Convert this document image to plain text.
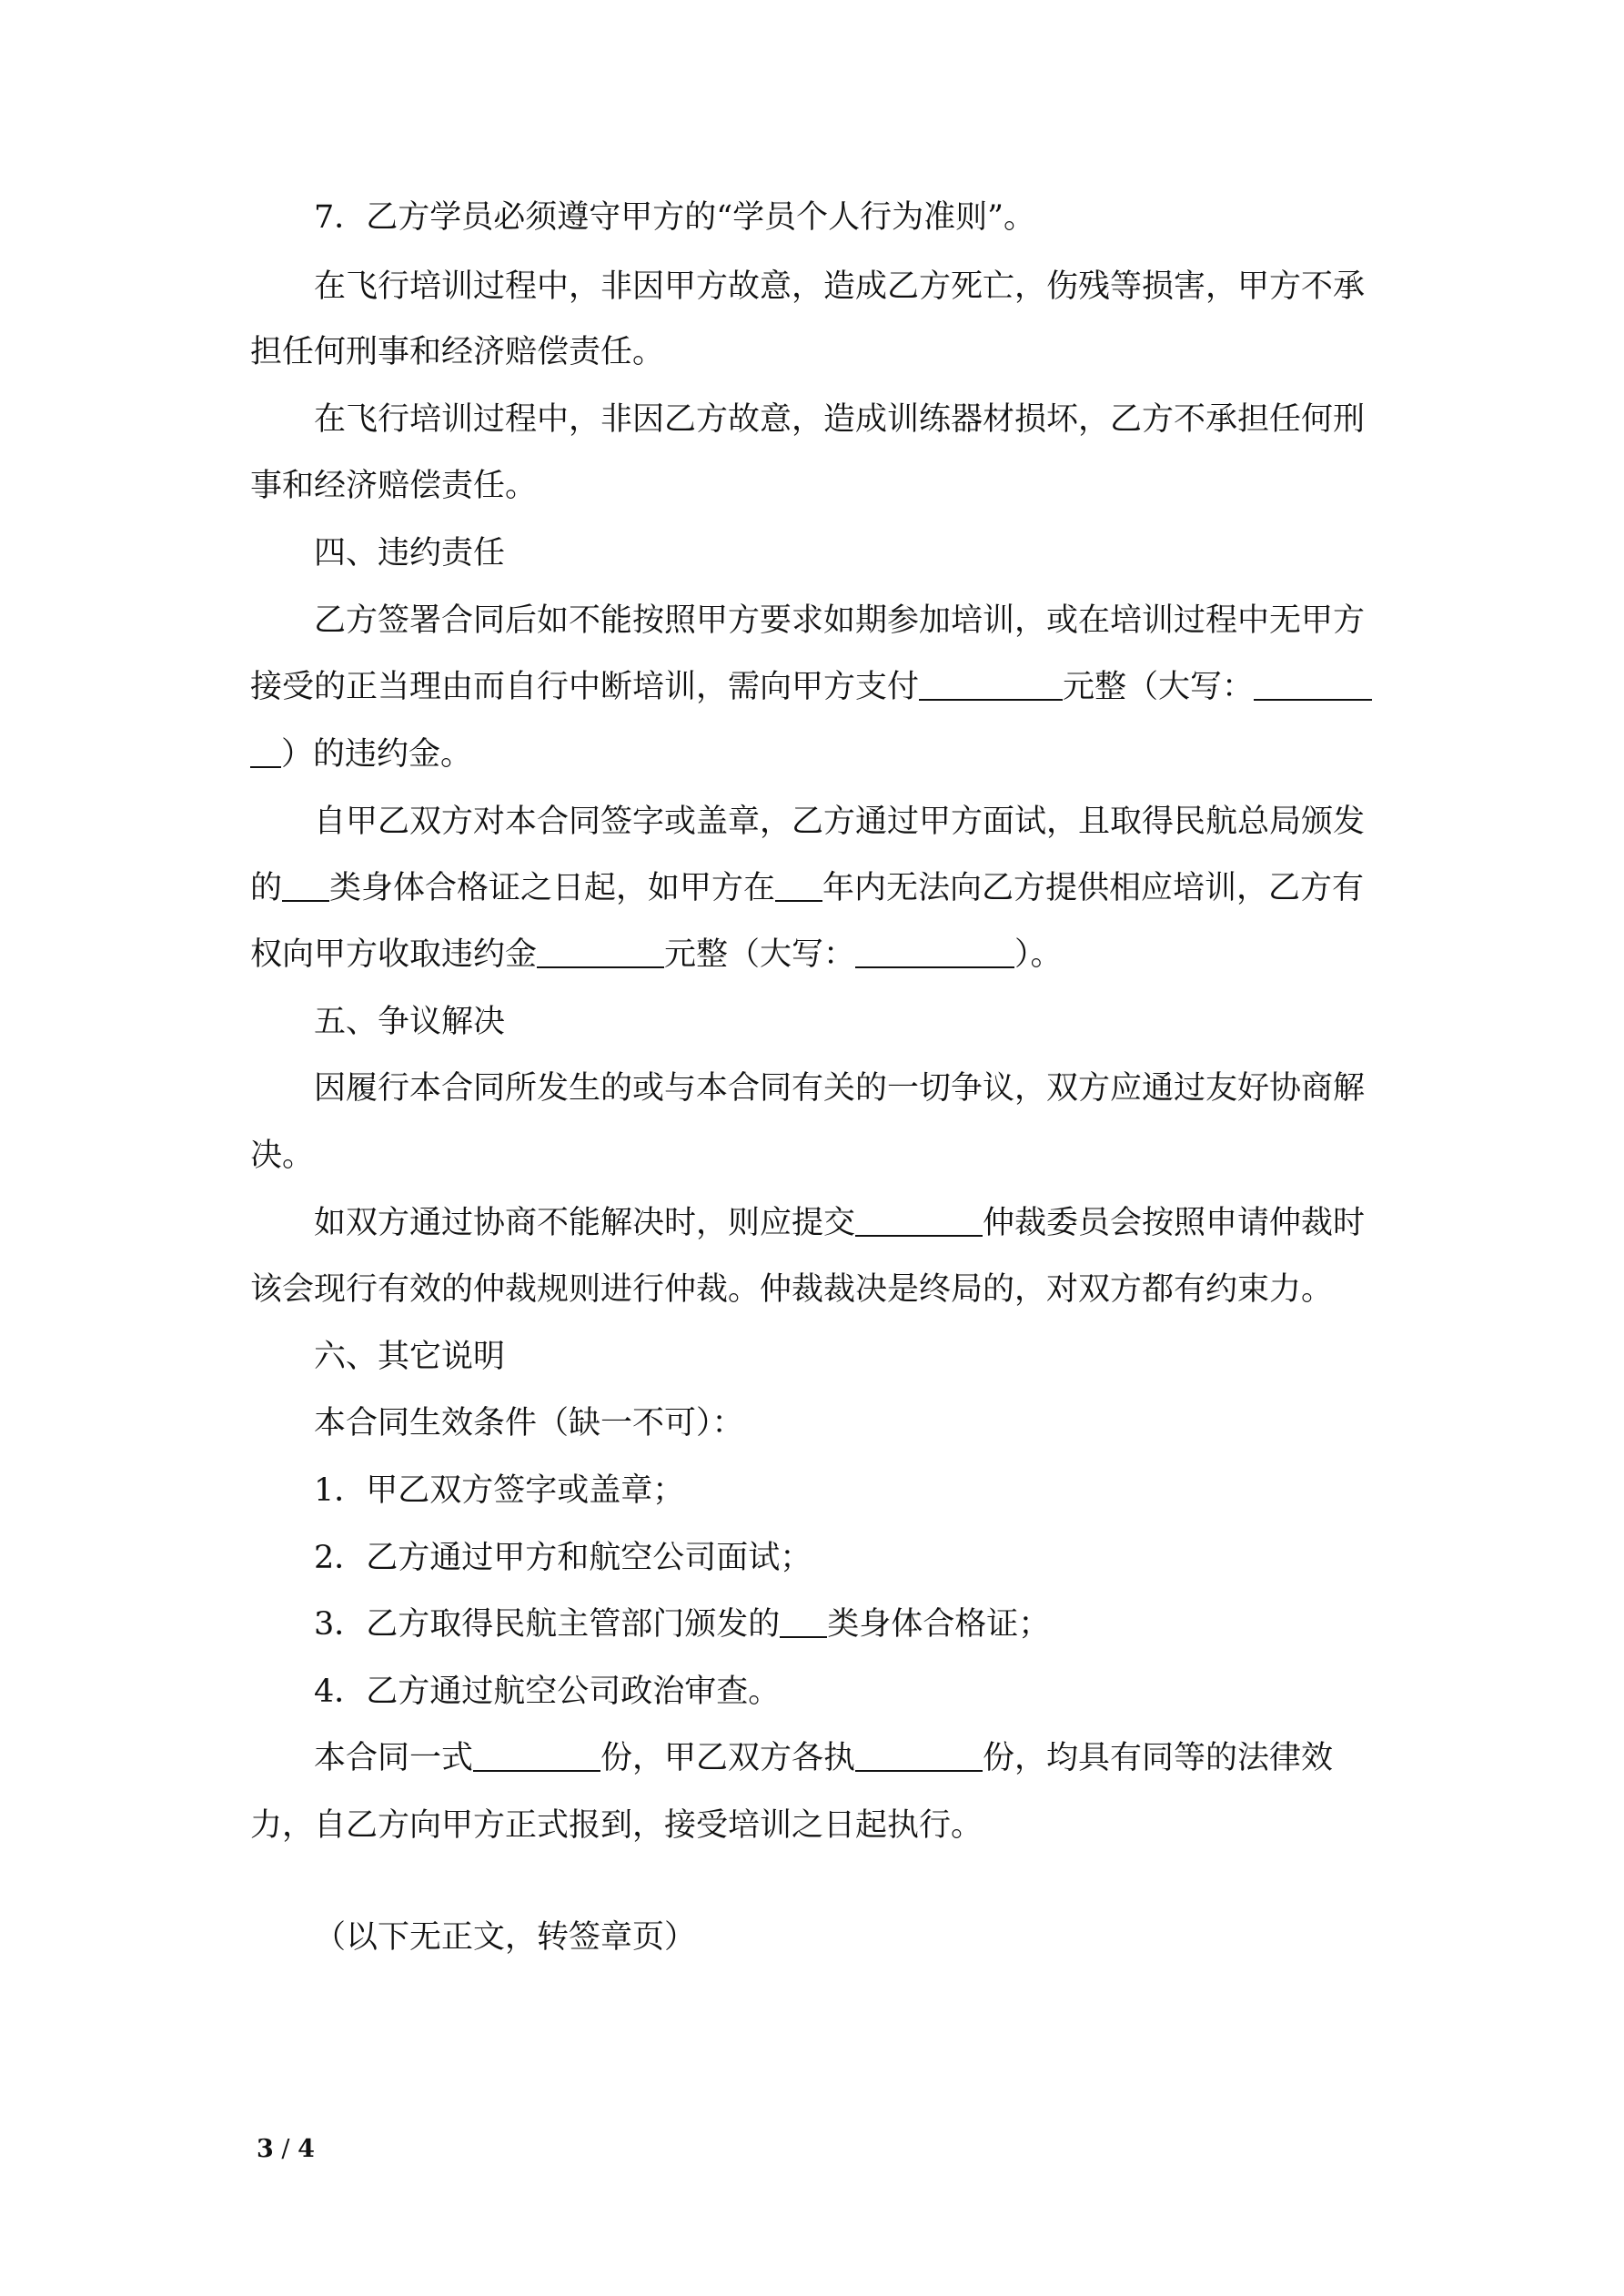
7．乙方学员必须遵守甲方的“学员个人行为准则”。
在飞行培训过程中，非因甲方故意，造成乙方死亡，伤残等损害，甲方不承
担任何刑事和经济赔偿责任。
在飞行培训过程中，非因乙方故意，造成训练器材损坏，乙方不承担任何刑
事和经济赔偿责任。
四、违约责任
乙方签署合同后如不能按照甲方要求如期参加培训，或在培训过程中无甲方
接受的正当理由而自行中断培训，需向甲方支付	元整（大写：
）的违约金。
自甲乙双方对本合同签字或盖章，乙方通过甲方面试，且取得民航总局颁发
的 类身体合格证之日起，如甲方在 年内无法向乙方提供相应培训，乙方有
权向甲方收取违约金	元整（大写：	）。
五、争议解决
因履行本合同所发生的或与本合同有关的一切争议，双方应通过友好协商解
决。
如双方通过协商不能解决时，则应提交	仲裁委员会按照申请仲裁时
该会现行有效的仲裁规则进行仲裁。仲裁裁决是终局的，对双方都有约束力。
六、其它说明
本合同生效条件（缺一不可）：
1．甲乙双方签字或盖章；
2．乙方通过甲方和航空公司面试；
3．乙方取得民航主管部门颁发的 类身体合格证；
4．乙方通过航空公司政治审查。
本合同一式	份，甲乙双方各执	份，均具有同等的法律效
力，自乙方向甲方正式报到，接受培训之日起执行。
（以下无正文，转签章页）
3 / 4
